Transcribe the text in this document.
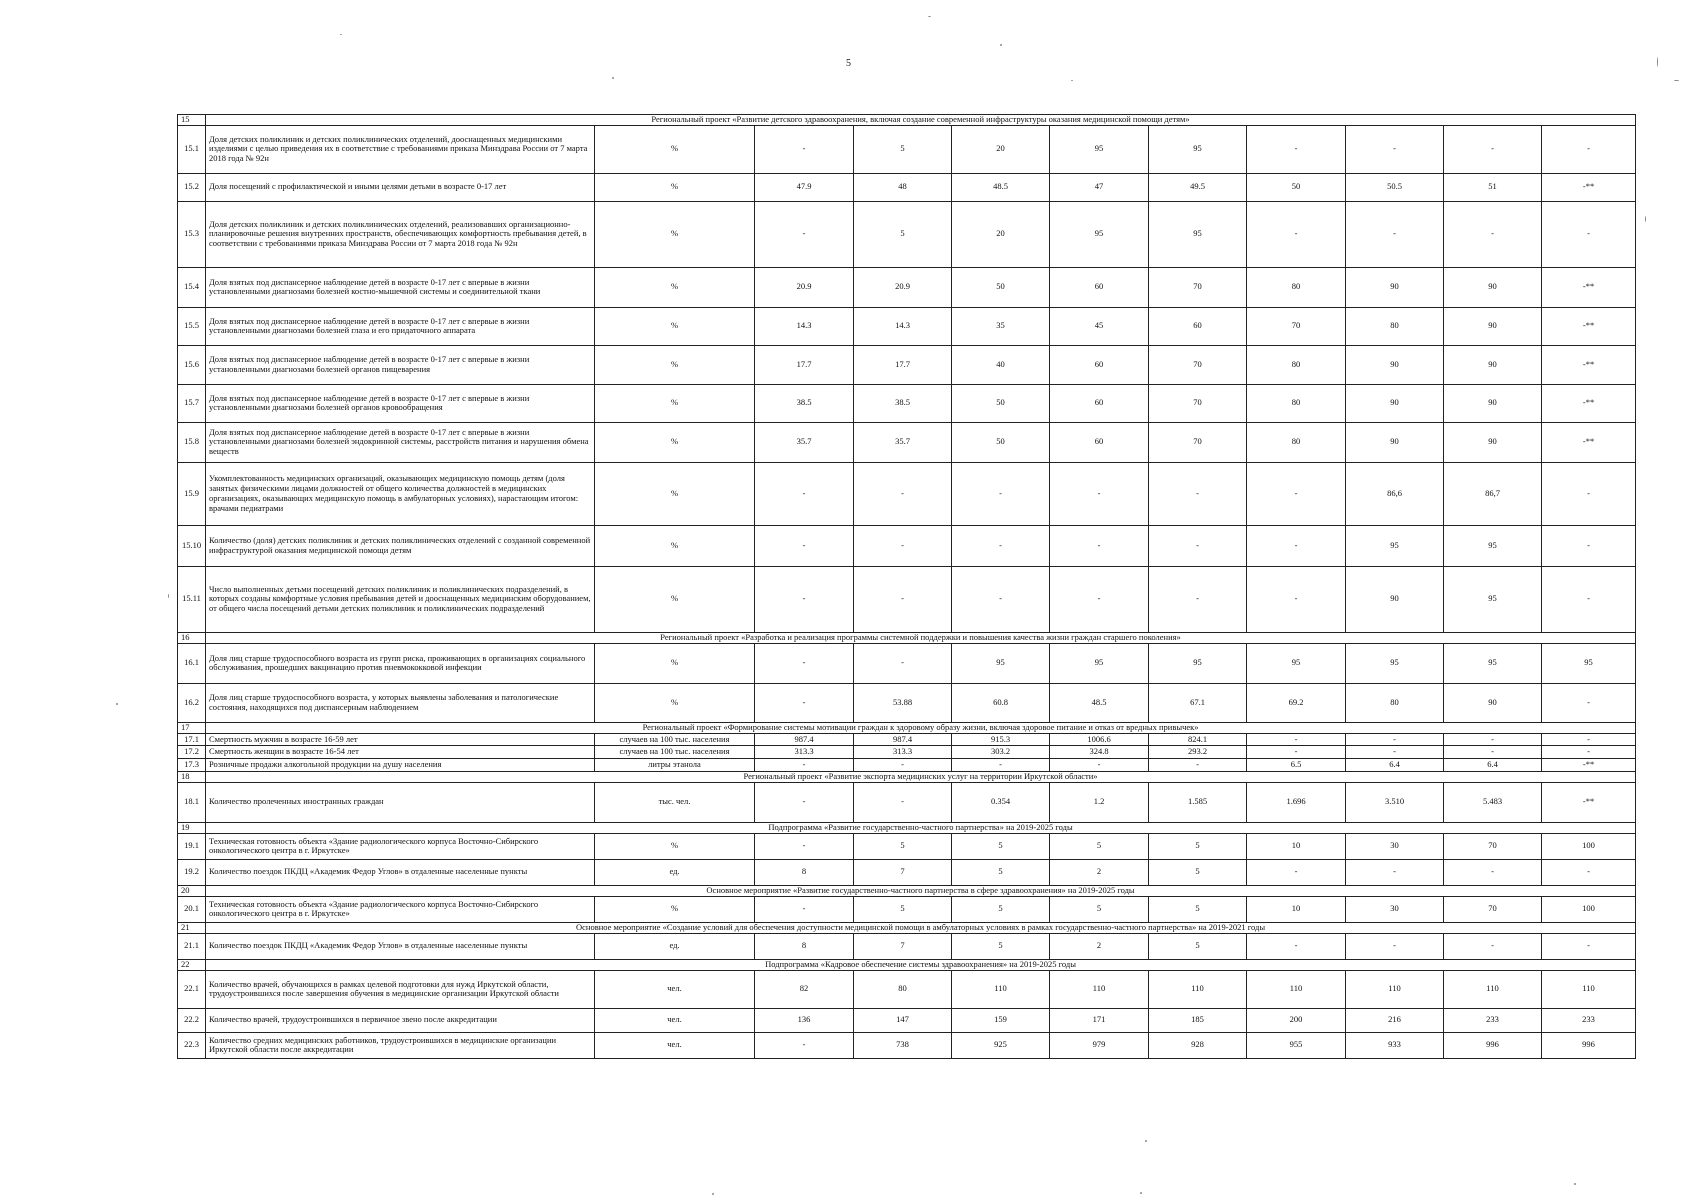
5
15	Региональный проект «Развитие детского здравоохранения, включая создание современной инфраструктуры оказания медицинской помощи детям»										
15.1	Доля детских поликлиник и детских поликлинических отделений, дооснащенных медицинскими изделиями с целью приведения их в соответствие с требованиями приказа Минздрава России от 7 марта 2018 года № 92н	%	-	5	20	95	95	-	-	-	-
15.2	Доля посещений с профилактической и иными целями детьми в возрасте 0-17 лет	%	47.9	48	48.5	47	49.5	50	50.5	51	-**
15.3	Доля детских поликлиник и детских поликлинических отделений, реализовавших организационно-планировочные решения внутренних пространств, обеспечивающих комфортность пребывания детей, в соответствии с требованиями приказа Минздрава России от 7 марта 2018 года № 92н	%	-	5	20	95	95	-	-	-	-
15.4	Доля взятых под диспансерное наблюдение детей в возрасте 0-17 лет с впервые в жизни установленными диагнозами болезней костно-мышечной системы и соединительной ткани	%	20.9	20.9	50	60	70	80	90	90	-**
15.5	Доля взятых под диспансерное наблюдение детей в возрасте 0-17 лет с впервые в жизни установленными диагнозами болезней глаза и его придаточного аппарата	%	14.3	14.3	35	45	60	70	80	90	-**
15.6	Доля взятых под диспансерное наблюдение детей в возрасте 0-17 лет с впервые в жизни установленными диагнозами болезней органов пищеварения	%	17.7	17.7	40	60	70	80	90	90	-**
15.7	Доля взятых под диспансерное наблюдение детей в возрасте 0-17 лет с впервые в жизни установленными диагнозами болезней органов кровообращения	%	38.5	38.5	50	60	70	80	90	90	-**
15.8	Доля взятых под диспансерное наблюдение детей в возрасте 0-17 лет с впервые в жизни установленными диагнозами болезней эндокринной системы, расстройств питания и нарушения обмена веществ	%	35.7	35.7	50	60	70	80	90	90	-**
15.9	Укомплектованность медицинских организаций, оказывающих медицинскую помощь детям (доля занятых физическими лицами должностей от общего количества должностей в медицинских организациях, оказывающих медицинскую помощь в амбулаторных условиях), нарастающим итогом: врачами педиатрами	%	-	-	-	-	-	-	86,6	86,7	-
15.10	Количество (доля) детских поликлиник и детских поликлинических отделений с созданной современной инфраструктурой оказания медицинской помощи детям	%	-	-	-	-	-	-	95	95	-
15.11	Число выполненных детьми посещений детских поликлиник и поликлинических подразделений, в которых созданы комфортные условия пребывания детей и дооснащенных медицинским оборудованием, от общего числа посещений детьми детских поликлиник и поликлинических подразделений	%	-	-	-	-	-	-	90	95	-
16	Региональный проект «Разработка и реализация программы системной поддержки и повышения качества жизни граждан старшего поколения»										
16.1	Доля лиц старше трудоспособного возраста из групп риска, проживающих в организациях социального обслуживания, прошедших вакцинацию против пневмококковой инфекции	%	-	-	95	95	95	95	95	95	95
16.2	Доля лиц старше трудоспособного возраста, у которых выявлены заболевания и патологические состояния, находящихся под диспансерным наблюдением	%	-	53.88	60.8	48.5	67.1	69.2	80	90	-
17	Региональный проект «Формирование системы мотивации граждан к здоровому образу жизни, включая здоровое питание и отказ от вредных привычек»										
17.1	Смертность мужчин в возрасте 16-59 лет	случаев на 100 тыс. населения	987.4	987.4	915.3	1006.6	824.1	-	-	-	-
17.2	Смертность женщин в возрасте 16-54 лет	случаев на 100 тыс. населения	313.3	313.3	303.2	324.8	293.2	-	-	-	-
17.3	Розничные продажи алкогольной продукции на душу населения	литры этанола	-	-	-	-	-	6.5	6.4	6.4	-**
18	Региональный проект «Развитие экспорта медицинских услуг на территории Иркутской области»										
18.1	Количество пролеченных иностранных граждан	тыс. чел.	-	-	0.354	1.2	1.585	1.696	3.510	5.483	-**
19	Подпрограмма «Развитие государственно-частного партнерства» на 2019-2025 годы										
19.1	Техническая готовность объекта «Здание радиологического корпуса Восточно-Сибирского онкологического центра в г. Иркутске»	%	-	5	5	5	5	10	30	70	100
19.2	Количество поездок ПКДЦ «Академик Федор Углов» в отдаленные населенные пункты	ед.	8	7	5	2	5	-	-	-	-
20	Основное мероприятие «Развитие государственно-частного партнерства в сфере здравоохранения» на 2019-2025 годы										
20.1	Техническая готовность объекта «Здание радиологического корпуса Восточно-Сибирского онкологического центра в г. Иркутске»	%	-	5	5	5	5	10	30	70	100
21	Основное мероприятие «Создание условий для обеспечения доступности медицинской помощи в амбулаторных условиях в рамках государственно-частного партнерства» на 2019-2021 годы										
21.1	Количество поездок ПКДЦ «Академик Федор Углов» в отдаленные населенные пункты	ед.	8	7	5	2	5	-	-	-	-
22	Подпрограмма «Кадровое обеспечение системы здравоохранения» на 2019-2025 годы										
22.1	Количество врачей, обучающихся в рамках целевой подготовки для нужд Иркутской области, трудоустроившихся после завершения обучения в медицинские организации Иркутской области	чел.	82	80	110	110	110	110	110	110	110
22.2	Количество врачей, трудоустроившихся в первичное звено после аккредитации	чел.	136	147	159	171	185	200	216	233	233
22.3	Количество средних медицинских работников, трудоустроившихся в медицинские организации Иркутской области после аккредитации	чел.	-	738	925	979	928	955	933	996	996
